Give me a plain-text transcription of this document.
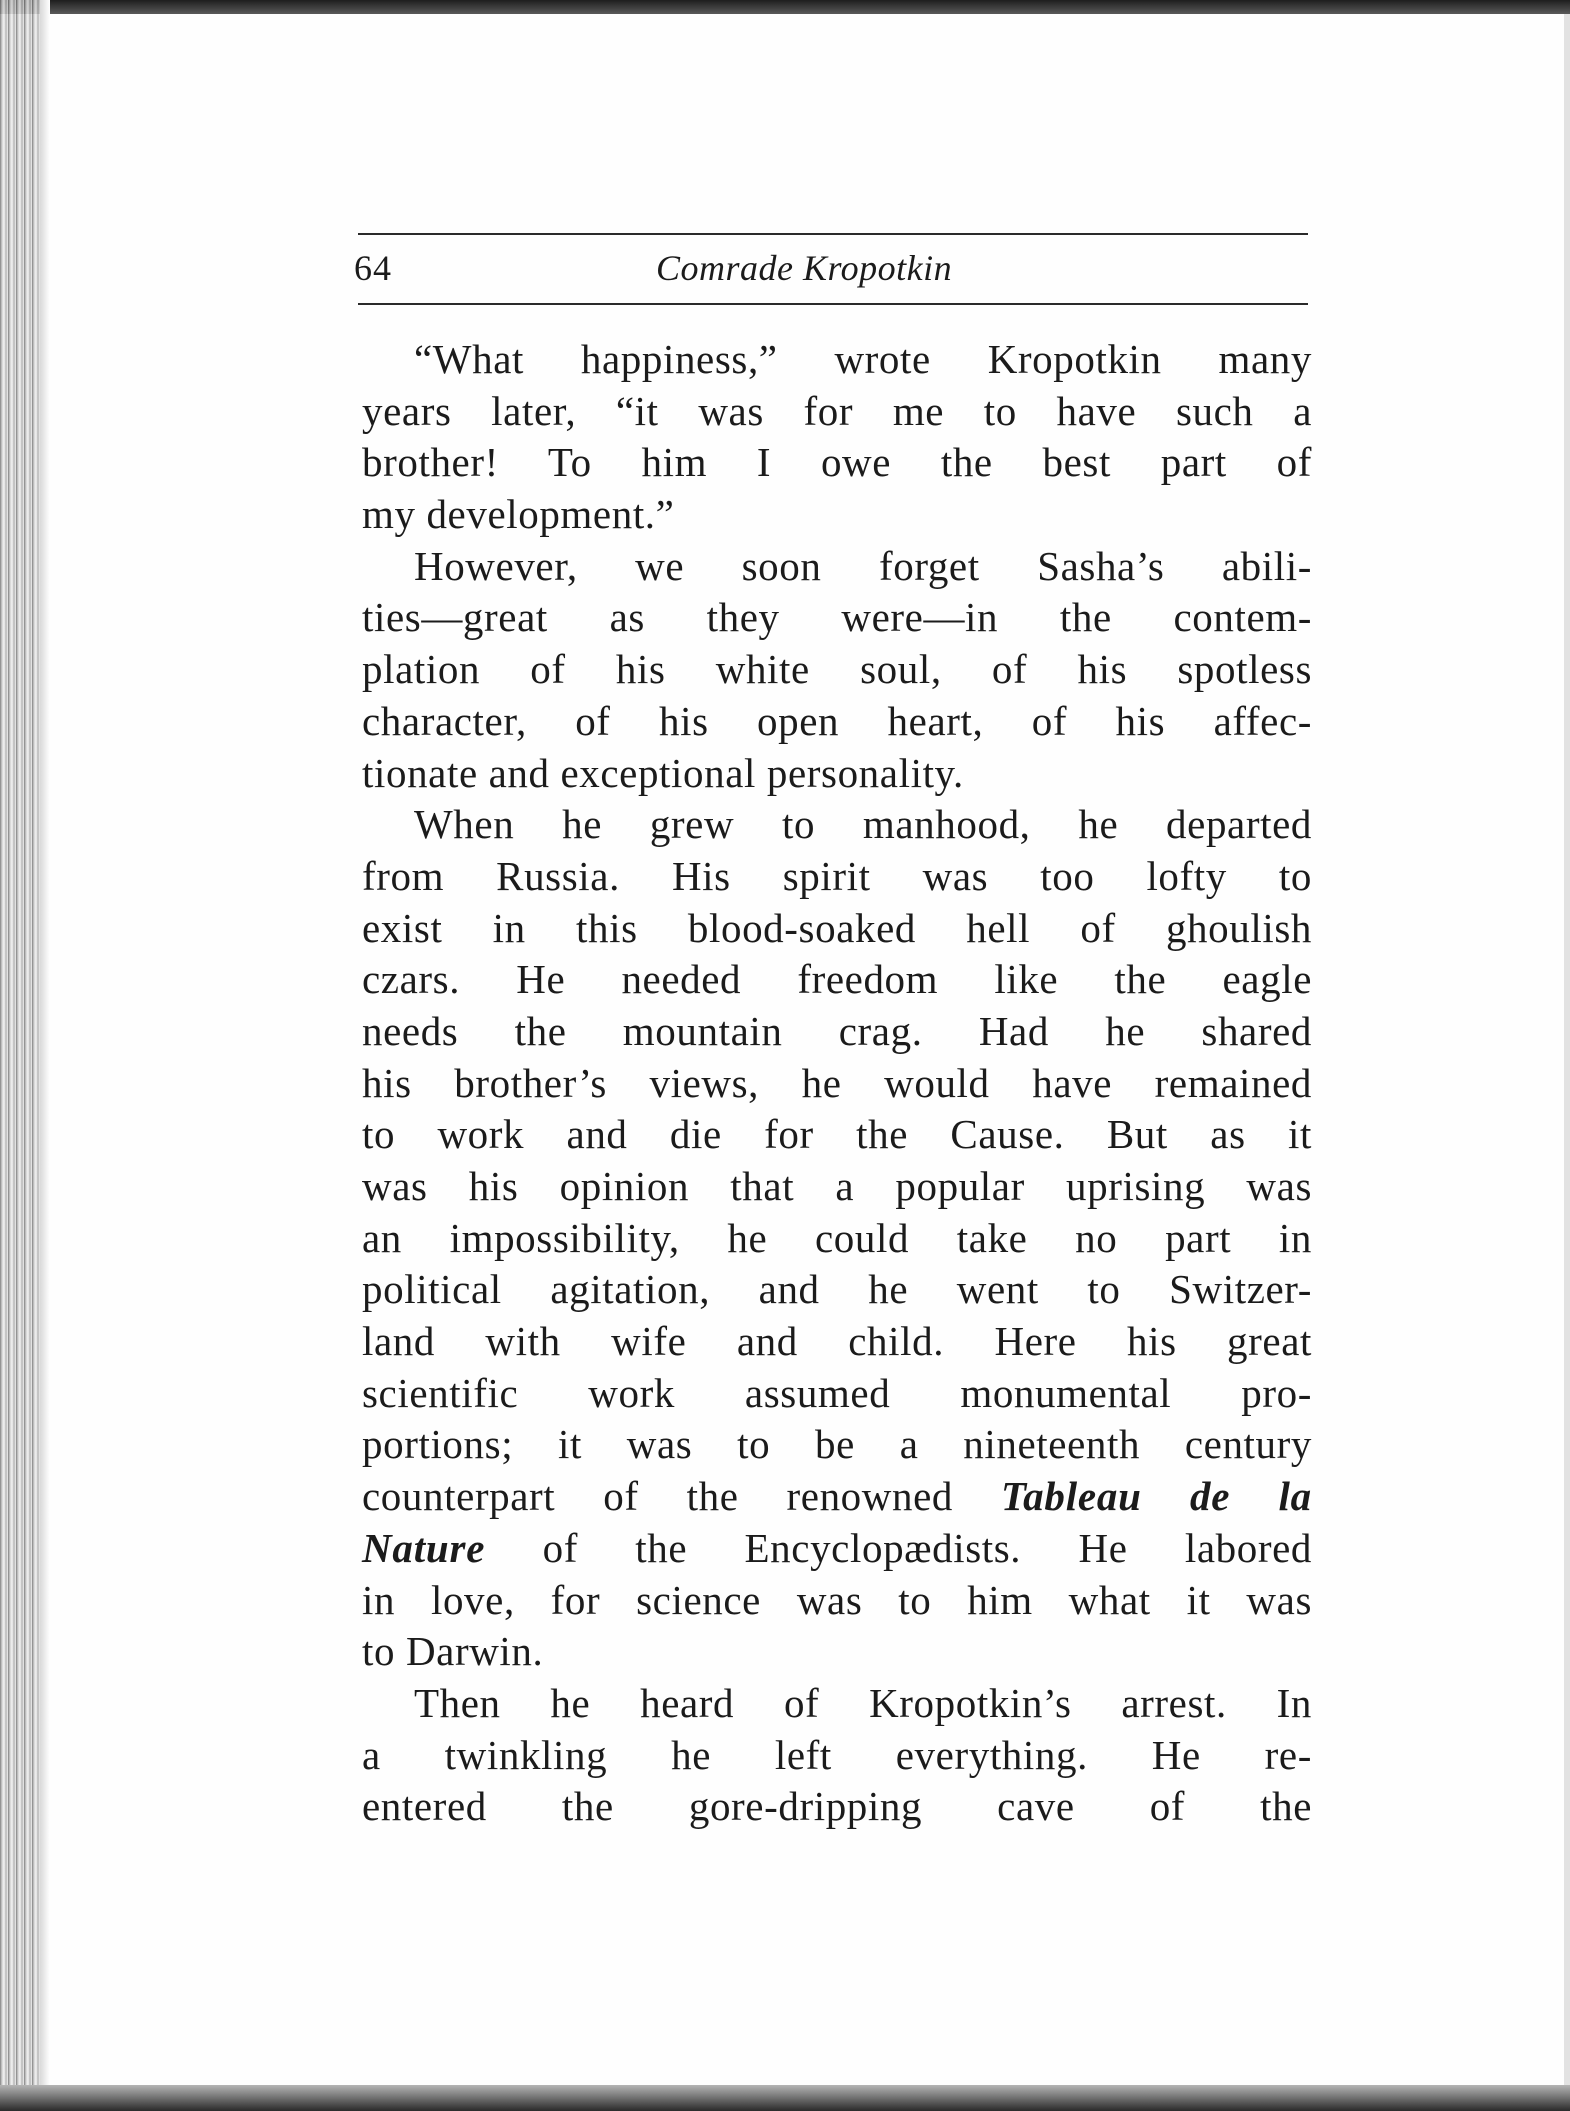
64	Comrade Kropotkin
“What happiness,” wrote Kropotkin many
years later, “it was for me to have such a
brother! To him I owe the best part of
my development.”
However, we soon forget Sasha’s abili-
ties—great as they were—in the contem-
plation of his white soul, of his spotless
character, of his open heart, of his affec-
tionate and exceptional personality.
When he grew to manhood, he departed
from Russia. His spirit was too lofty to
exist in this blood-soaked hell of ghoulish
czars. He needed freedom like the eagle
needs the mountain crag. Had he shared
his brother’s views, he would have remained
to work and die for the Cause. But as it
was his opinion that a popular uprising was
an impossibility, he could take no part in
political agitation, and he went to Switzer-
land with wife and child. Here his great
scientific work assumed monumental pro-
portions; it was to be a nineteenth century
counterpart of the renowned Tableau de la
Nature of the Encyclopædists. He labored
in love, for science was to him what it was
to Darwin.
Then he heard of Kropotkin’s arrest. In
a twinkling he left everything. He re-
entered the gore-dripping cave of the
